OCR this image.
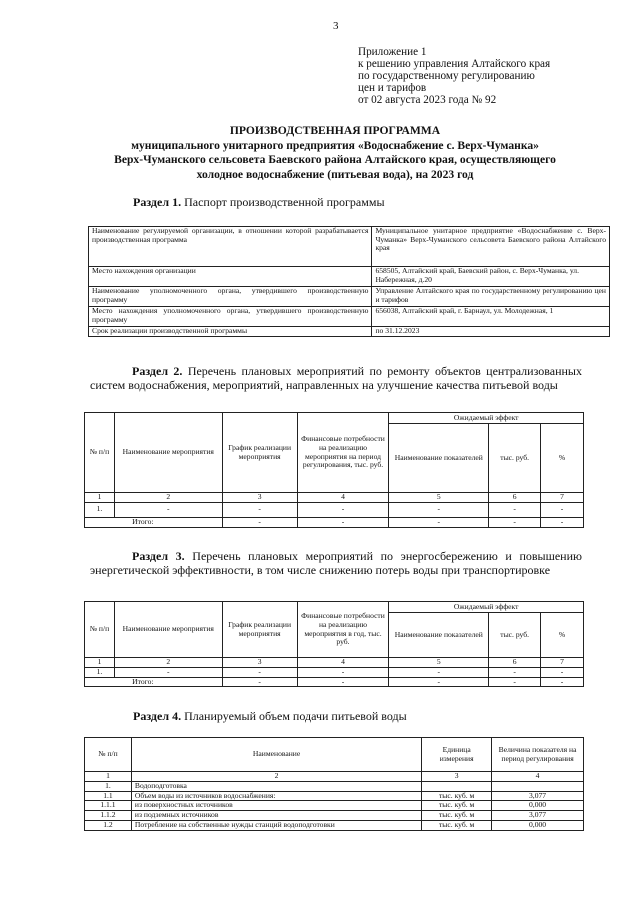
3
Приложение 1
к решению управления Алтайского края
по государственному регулированию
цен и тарифов
от 02 августа 2023 года № 92
ПРОИЗВОДСТВЕННАЯ ПРОГРАММА
муниципального унитарного предприятия «Водоснабжение с. Верх-Чуманка»
Верх-Чуманского сельсовета Баевского района Алтайского края, осуществляющего
холодное водоснабжение (питьевая вода), на 2023 год
Раздел 1. Паспорт производственной программы
Наименование регулируемой организации, в отношении которой разрабатывается производственная программа	Муниципальное унитарное предприятие «Водоснабжение с. Верх-Чуманка» Верх-Чуманского сельсовета Баевского района Алтайского края
Место нахождения организации	658505, Алтайский край, Баевский район, с. Верх-Чуманка, ул. Набережная, д.20
Наименование уполномоченного органа, утвердившего производственную программу	Управление Алтайского края по государственному регулированию цен и тарифов
Место нахождения уполномоченного органа, утвердившего производственную программу	656038, Алтайский край, г. Барнаул, ул. Молодежная, 1
Срок реализации производственной программы	по 31.12.2023
Раздел 2. Перечень плановых мероприятий по ремонту объектов централизованных систем водоснабжения, мероприятий, направленных на улучшение качества питьевой воды
№ п/п	Наименование мероприятия	График реализации мероприятия	Финансовые потребности на реализацию мероприятия на период регулирования, тыс. руб.	Ожидаемый эффект		
				Наименование показателей	тыс. руб.	%
1	2	3	4	5	6	7
1.	-	-	-	-	-	-
Итого:		-	-	-	-	-
Раздел 3. Перечень плановых мероприятий по энергосбережению и повышению энергетической эффективности, в том числе снижению потерь воды при транспортировке
№ п/п	Наименование мероприятия	График реализации мероприятия	Финансовые потребности на реализацию мероприятия в год, тыс. руб.	Ожидаемый эффект		
				Наименование показателей	тыс. руб.	%
1	2	3	4	5	6	7
1.	-	-	-	-	-	-
Итого:		-	-	-	-	-
Раздел 4. Планируемый объем подачи питьевой воды
№ п/п	Наименование	Единица измерения	Величина показателя на период регулирования
1	2	3	4
1.	Водоподготовка		
1.1	Объем воды из источников водоснабжения:	тыс. куб. м	3,077
1.1.1	из поверхностных источников	тыс. куб. м	0,000
1.1.2	из подземных источников	тыс. куб. м	3,077
1.2	Потребление на собственные нужды станций водоподготовки	тыс. куб. м	0,000
